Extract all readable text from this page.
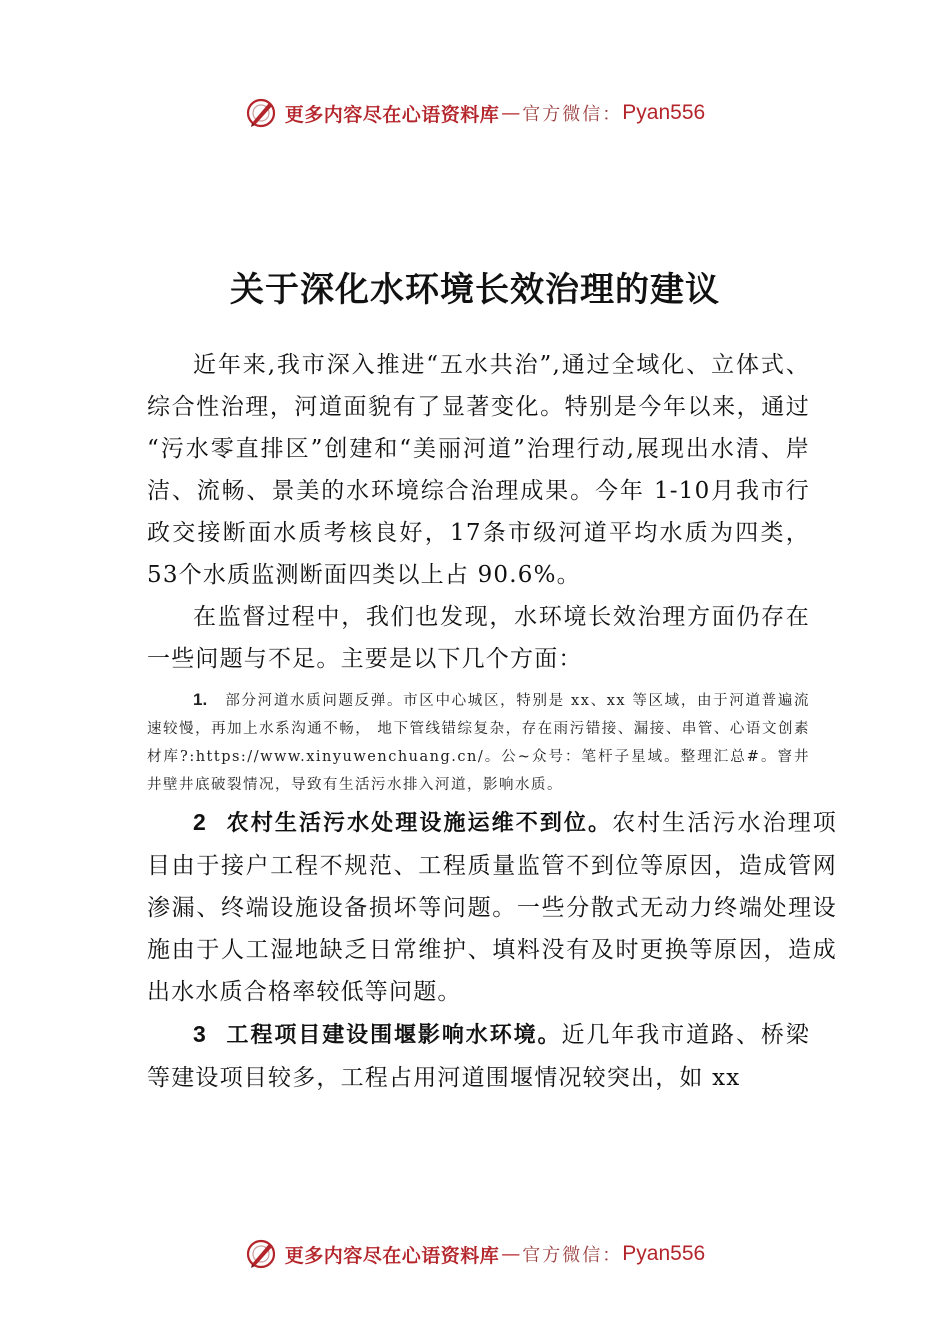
更多内容尽在心语资料库 — 官方微信： Pyan556
关于深化水环境长效治理的建议

近年来,我市深入推进“五水共治”,通过全域化、立体式、综合性治理，河道面貌有了显著变化。特别是今年以来，通过 “污水零直排区”创建和“美丽河道”治理行动,展现出水清、岸洁、流畅、景美的水环境综合治理成果。今年 1-10月我市行政交接断面水质考核良好，17条市级河道平均水质为四类，53个水质监测断面四类以上占 90.6%。

在监督过程中，我们也发现，水环境长效治理方面仍存在一些问题与不足。主要是以下几个方面：

1. 部分河道水质问题反弹。市区中心城区，特别是 xx、xx 等区域，由于河道普遍流速较慢，再加上水系沟通不畅， 地下管线错综复杂，存在雨污错接、漏接、串管、心语文创素材库?:https://www.xinyuwenchuang.cn/。公~众号：笔杆子星域。整理汇总#。窨井井壁井底破裂情况，导致有生活污水排入河道，影响水质。
2 农村生活污水处理设施运维不到位。农村生活污水治理项目由于接户工程不规范、工程质量监管不到位等原因，造成管网渗漏、终端设施设备损坏等问题。一些分散式无动力终端处理设施由于人工湿地缺乏日常维护、填料没有及时更换等原因，造成出水水质合格率较低等问题。
3 工程项目建设围堰影响水环境。近几年我市道路、桥梁等建设项目较多，工程占用河道围堰情况较突出，如 xx
更多内容尽在心语资料库 — 官方微信： Pyan556
